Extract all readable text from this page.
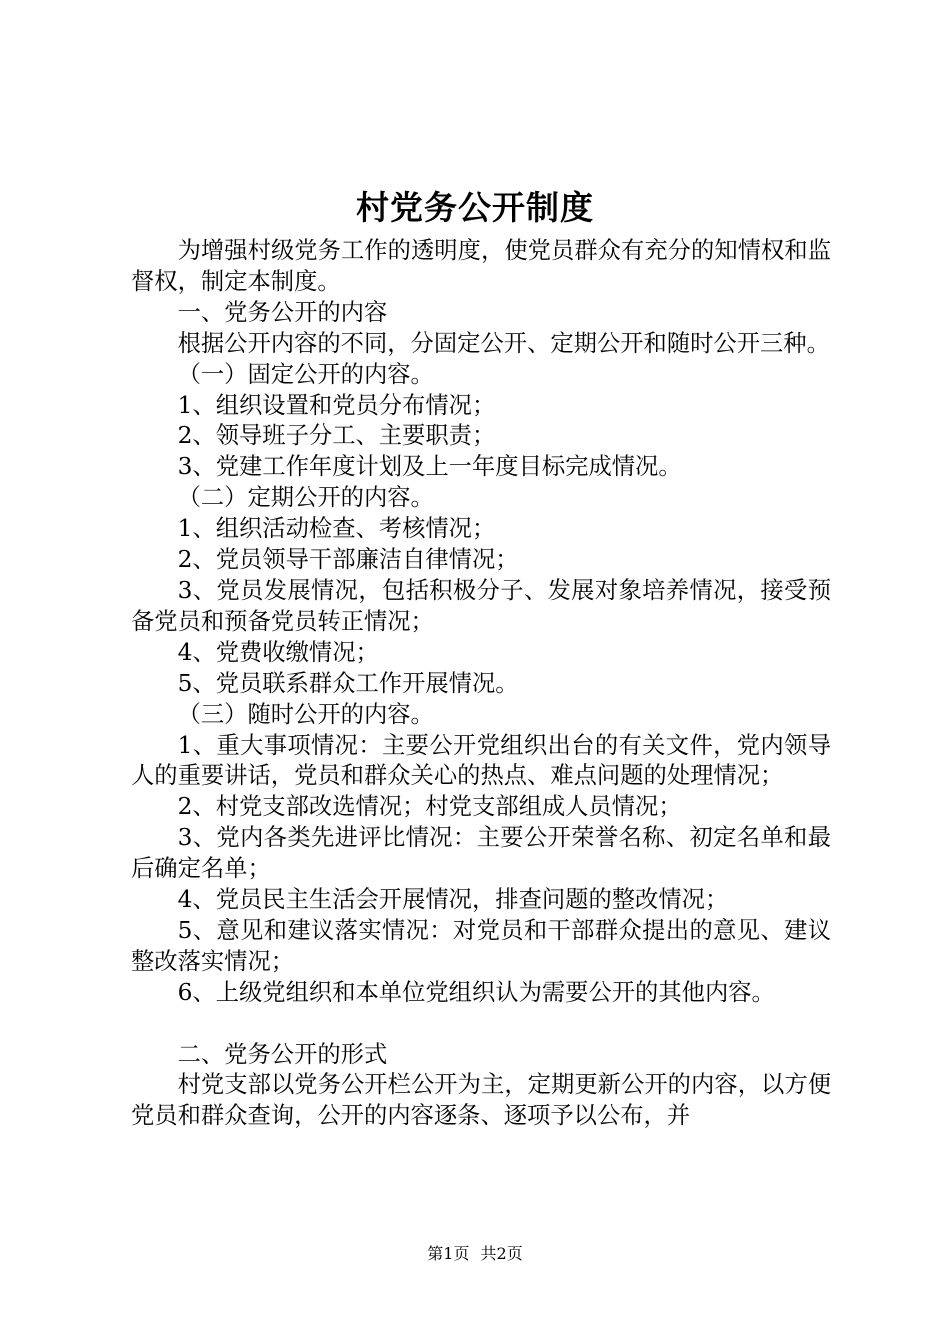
村党务公开制度

为增强村级党务工作的透明度，使党员群众有充分的知情权和监督权，制定本制度。

一、党务公开的内容

根据公开内容的不同，分固定公开、定期公开和随时公开三种。

（一）固定公开的内容。

1、组织设置和党员分布情况；

2、领导班子分工、主要职责；

3、党建工作年度计划及上一年度目标完成情况。

（二）定期公开的内容。

1、组织活动检查、考核情况；

2、党员领导干部廉洁自律情况；

3、党员发展情况，包括积极分子、发展对象培养情况，接受预备党员和预备党员转正情况；

4、党费收缴情况；

5、党员联系群众工作开展情况。

（三）随时公开的内容。

1、重大事项情况：主要公开党组织出台的有关文件，党内领导人的重要讲话，党员和群众关心的热点、难点问题的处理情况；

2、村党支部改选情况；村党支部组成人员情况；

3、党内各类先进评比情况：主要公开荣誉名称、初定名单和最后确定名单；

4、党员民主生活会开展情况，排查问题的整改情况；

5、意见和建议落实情况：对党员和干部群众提出的意见、建议整改落实情况；

6、上级党组织和本单位党组织认为需要公开的其他内容。

二、党务公开的形式

村党支部以党务公开栏公开为主，定期更新公开的内容，以方便党员和群众查询，公开的内容逐条、逐项予以公布，并

第1页 共2页
